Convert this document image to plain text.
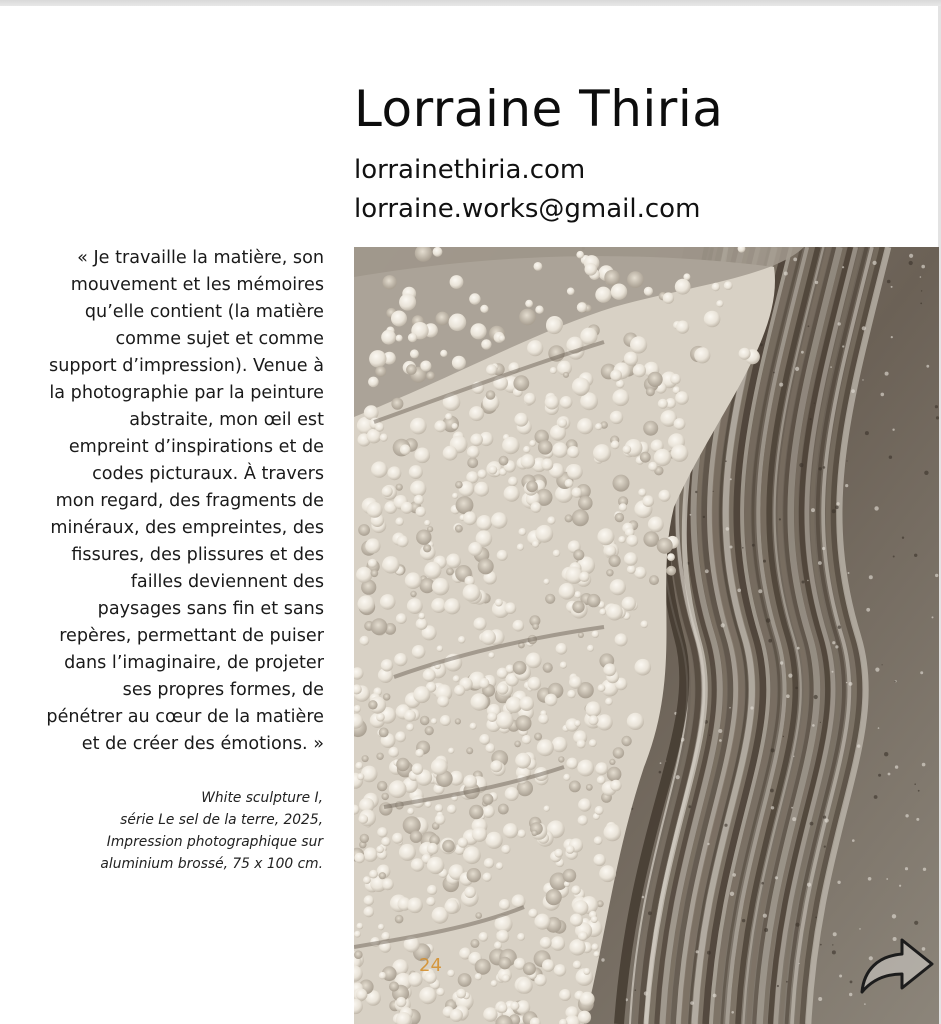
Lorraine Thiria
lorrainethiria.com
lorraine.works@gmail.com
« Je travaille la matière, son
mouvement et les mémoires
qu’elle contient (la matière
comme sujet et comme
support d’impression). Venue à
la photographie par la peinture
abstraite, mon œil est
empreint d’inspirations et de
codes picturaux. À travers
mon regard, des fragments de
minéraux, des empreintes, des
fissures, des plissures et des
failles deviennent des
paysages sans fin et sans
repères, permettant de puiser
dans l’imaginaire, de projeter
ses propres formes, de
pénétrer au cœur de la matière
et de créer des émotions. »
White sculpture I,
série Le sel de la terre, 2025,
Impression photographique sur
aluminium brossé, 75 x 100 cm.
24
